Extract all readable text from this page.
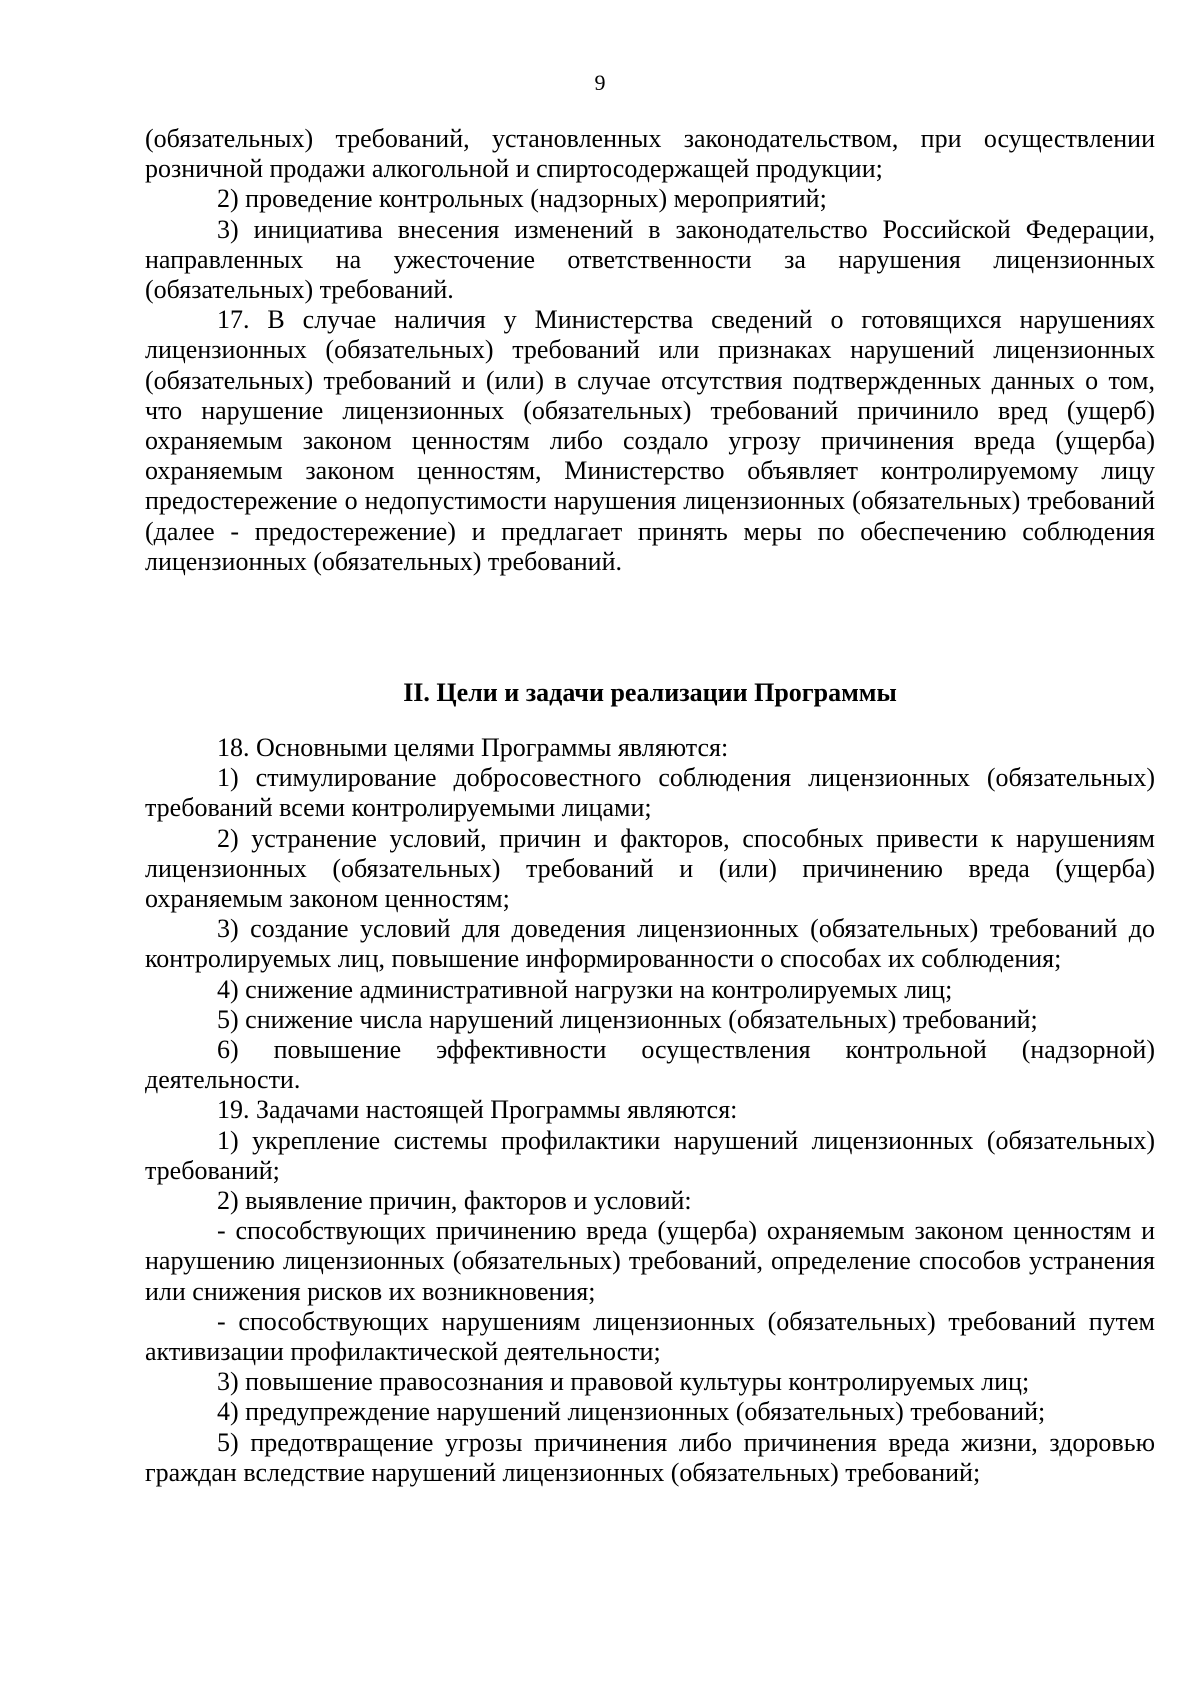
9

(обязательных) требований, установленных законодательством, при осуществлении розничной продажи алкогольной и спиртосодержащей продукции;

2) проведение контрольных (надзорных) мероприятий;

3) инициатива внесения изменений в законодательство Российской Федерации, направленных на ужесточение ответственности за нарушения лицензионных (обязательных) требований.

17. В случае наличия у Министерства сведений о готовящихся нарушениях лицензионных (обязательных) требований или признаках нарушений лицензионных (обязательных) требований и (или) в случае отсутствия подтвержденных данных о том, что нарушение лицензионных (обязательных) требований причинило вред (ущерб) охраняемым законом ценностям либо создало угрозу причинения вреда (ущерба) охраняемым законом ценностям, Министерство объявляет контролируемому лицу предостережение о недопустимости нарушения лицензионных (обязательных) требований (далее - предостережение) и предлагает принять меры по обеспечению соблюдения лицензионных (обязательных) требований.

II. Цели и задачи реализации Программы

18. Основными целями Программы являются:

1) стимулирование добросовестного соблюдения лицензионных (обязательных) требований всеми контролируемыми лицами;

2) устранение условий, причин и факторов, способных привести к нарушениям лицензионных (обязательных) требований и (или) причинению вреда (ущерба) охраняемым законом ценностям;

3) создание условий для доведения лицензионных (обязательных) требований до контролируемых лиц, повышение информированности о способах их соблюдения;

4) снижение административной нагрузки на контролируемых лиц;

5) снижение числа нарушений лицензионных (обязательных) требований;

6) повышение эффективности осуществления контрольной (надзорной) деятельности.

19. Задачами настоящей Программы являются:

1) укрепление системы профилактики нарушений лицензионных (обязательных) требований;

2) выявление причин, факторов и условий:

- способствующих причинению вреда (ущерба) охраняемым законом ценностям и нарушению лицензионных (обязательных) требований, определение способов устранения или снижения рисков их возникновения;

- способствующих нарушениям лицензионных (обязательных) требований путем активизации профилактической деятельности;

3) повышение правосознания и правовой культуры контролируемых лиц;

4) предупреждение нарушений лицензионных (обязательных) требований;

5) предотвращение угрозы причинения либо причинения вреда жизни, здоровью граждан вследствие нарушений лицензионных (обязательных) требований;
